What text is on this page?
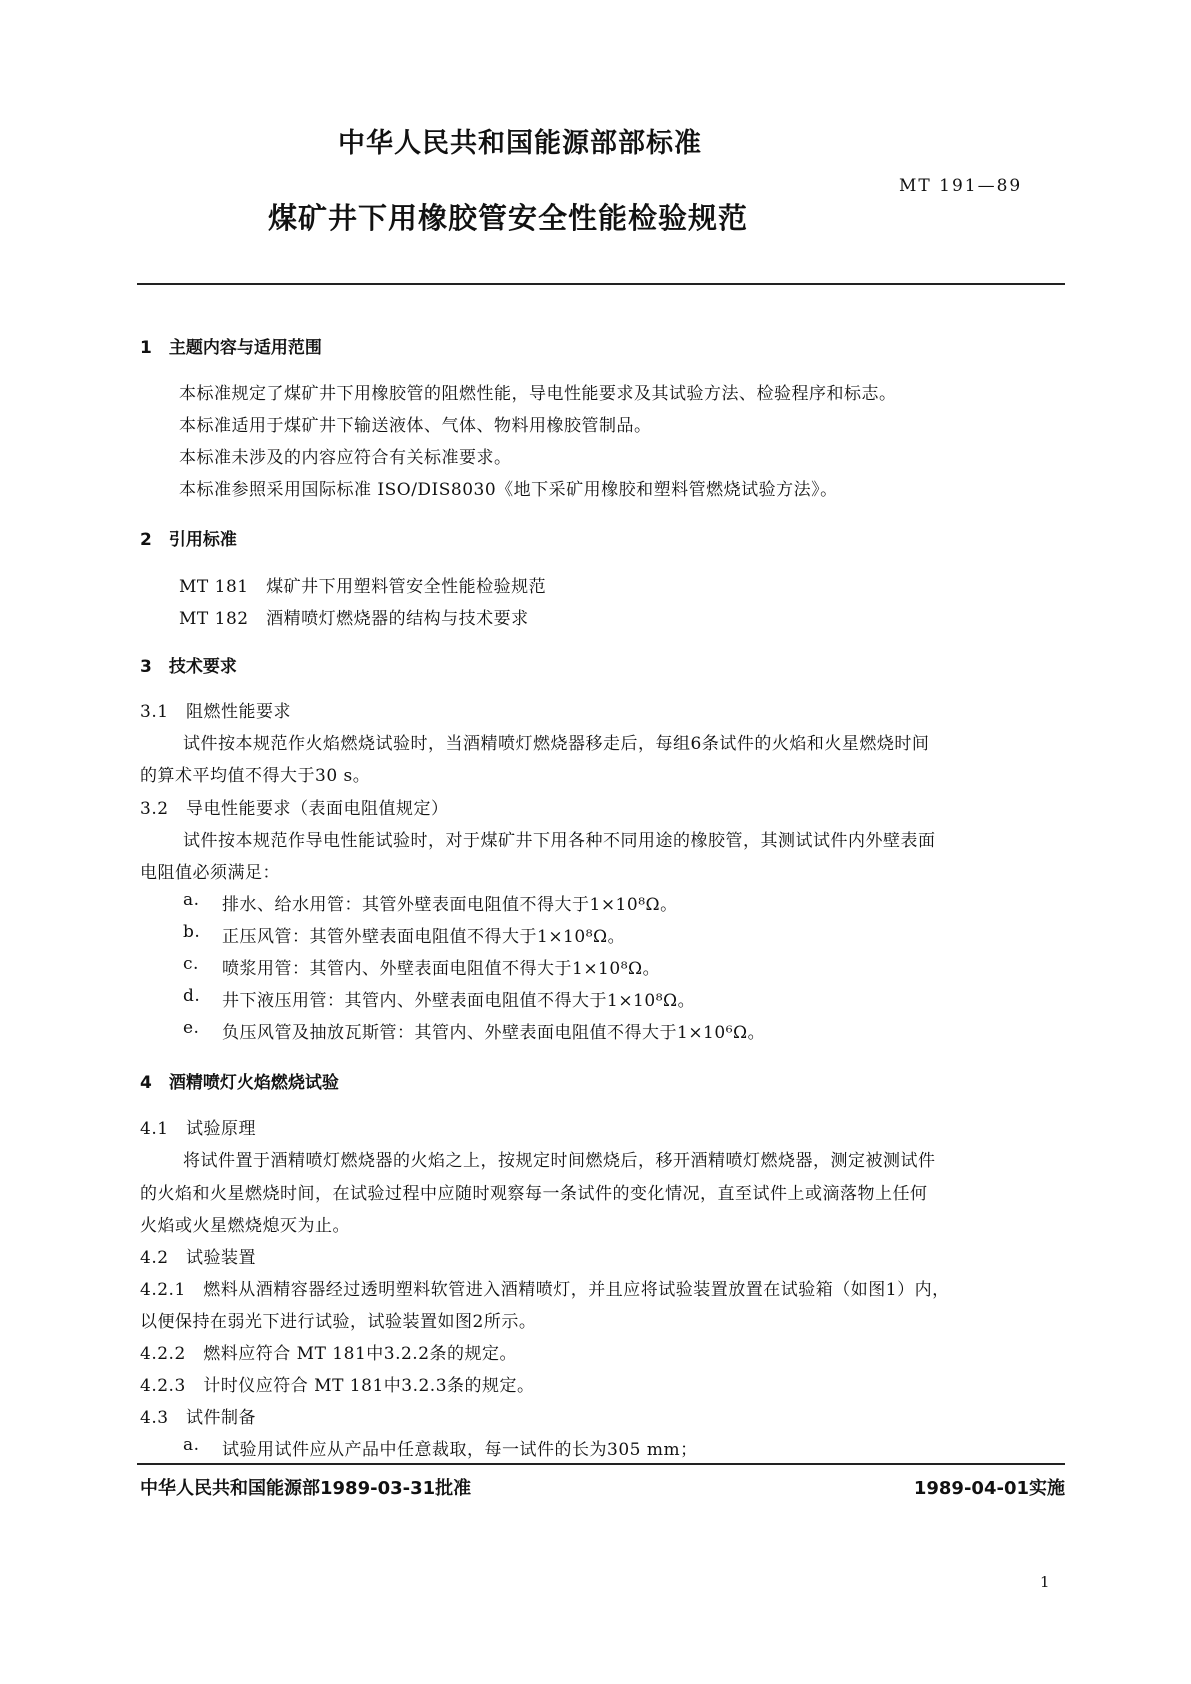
中华人民共和国能源部部标准
MT 191—89
煤矿井下用橡胶管安全性能检验规范
1　主题内容与适用范围
本标准规定了煤矿井下用橡胶管的阻燃性能，导电性能要求及其试验方法、检验程序和标志。
本标准适用于煤矿井下输送液体、气体、物料用橡胶管制品。
本标准未涉及的内容应符合有关标准要求。
本标准参照采用国际标准 ISO/DIS8030《地下采矿用橡胶和塑料管燃烧试验方法》。
2　引用标准
MT 181　煤矿井下用塑料管安全性能检验规范
MT 182　酒精喷灯燃烧器的结构与技术要求
3　技术要求
3.1　阻燃性能要求
试件按本规范作火焰燃烧试验时，当酒精喷灯燃烧器移走后，每组6条试件的火焰和火星燃烧时间
的算术平均值不得大于30 s。
3.2　导电性能要求（表面电阻值规定）
试件按本规范作导电性能试验时，对于煤矿井下用各种不同用途的橡胶管，其测试试件内外壁表面
电阻值必须满足：
a. 排水、给水用管：其管外壁表面电阻值不得大于1×10⁸Ω。
b. 正压风管：其管外壁表面电阻值不得大于1×10⁸Ω。
c. 喷浆用管：其管内、外壁表面电阻值不得大于1×10⁸Ω。
d. 井下液压用管：其管内、外壁表面电阻值不得大于1×10⁸Ω。
e. 负压风管及抽放瓦斯管：其管内、外壁表面电阻值不得大于1×10⁶Ω。
4　酒精喷灯火焰燃烧试验
4.1　试验原理
将试件置于酒精喷灯燃烧器的火焰之上，按规定时间燃烧后，移开酒精喷灯燃烧器，测定被测试件
的火焰和火星燃烧时间，在试验过程中应随时观察每一条试件的变化情况，直至试件上或滴落物上任何
火焰或火星燃烧熄灭为止。
4.2　试验装置
4.2.1　燃料从酒精容器经过透明塑料软管进入酒精喷灯，并且应将试验装置放置在试验箱（如图1）内，
以便保持在弱光下进行试验，试验装置如图2所示。
4.2.2　燃料应符合 MT 181中3.2.2条的规定。
4.2.3　计时仪应符合 MT 181中3.2.3条的规定。
4.3　试件制备
a. 试验用试件应从产品中任意裁取，每一试件的长为305 mm；
中华人民共和国能源部1989-03-31批准	1989-04-01实施
1
